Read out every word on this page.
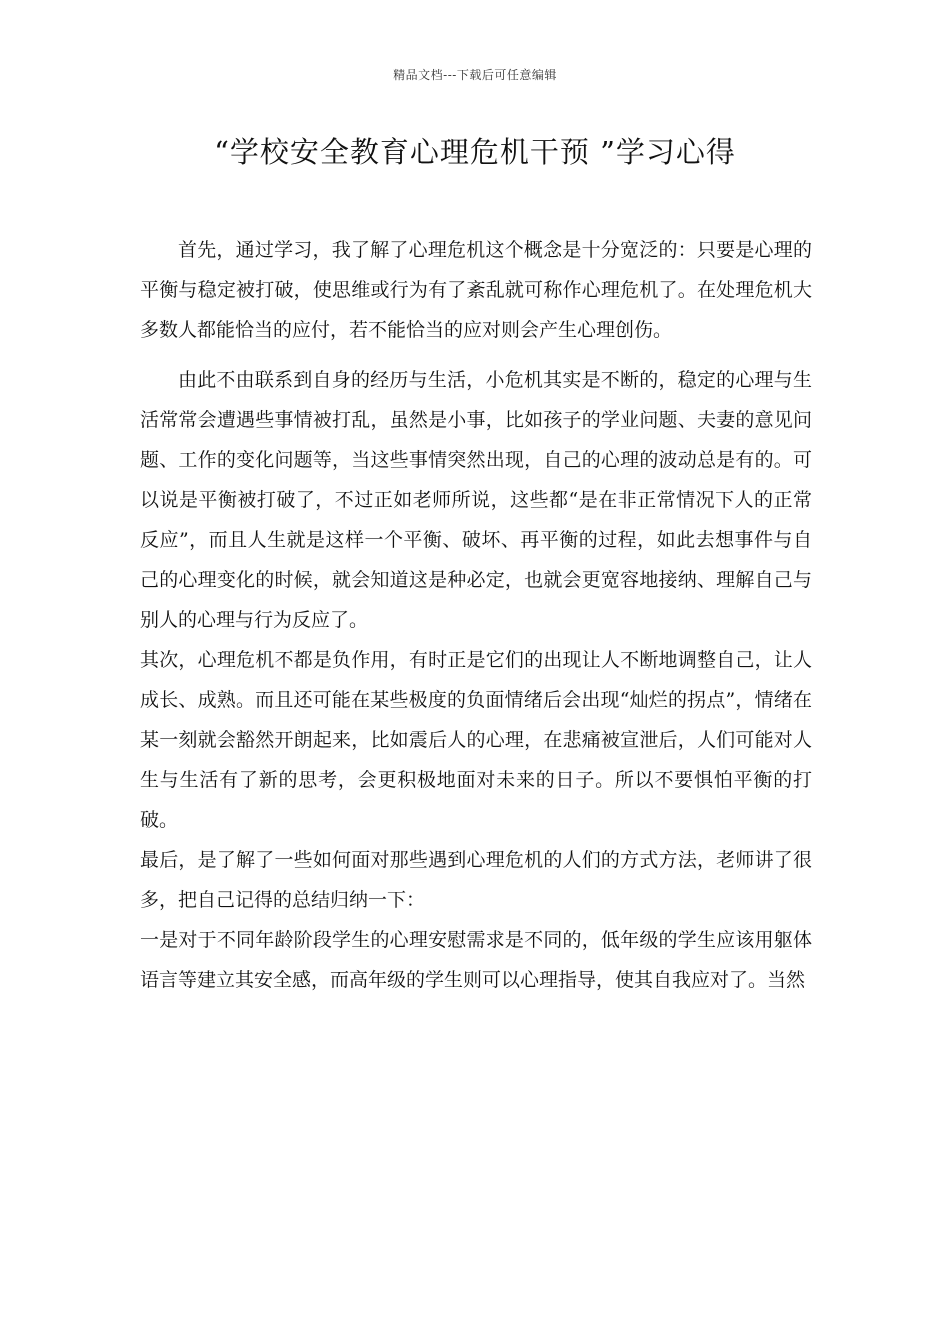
精品文档---下载后可任意编辑
“学校安全教育心理危机干预 ”学习心得

首先，通过学习，我了解了心理危机这个概念是十分宽泛的：只要是心理的平衡与稳定被打破，使思维或行为有了紊乱就可称作心理危机了。在处理危机大多数人都能恰当的应付，若不能恰当的应对则会产生心理创伤。

由此不由联系到自身的经历与生活，小危机其实是不断的，稳定的心理与生活常常会遭遇些事情被打乱，虽然是小事，比如孩子的学业问题、夫妻的意见问题、工作的变化问题等，当这些事情突然出现，自己的心理的波动总是有的。可以说是平衡被打破了，不过正如老师所说，这些都“是在非正常情况下人的正常反应”，而且人生就是这样一个平衡、破坏、再平衡的过程，如此去想事件与自己的心理变化的时候，就会知道这是种必定，也就会更宽容地接纳、理解自己与别人的心理与行为反应了。

其次，心理危机不都是负作用，有时正是它们的出现让人不断地调整自己，让人成长、成熟。而且还可能在某些极度的负面情绪后会出现“灿烂的拐点”，情绪在某一刻就会豁然开朗起来，比如震后人的心理，在悲痛被宣泄后，人们可能对人生与生活有了新的思考，会更积极地面对未来的日子。所以不要惧怕平衡的打破。

最后，是了解了一些如何面对那些遇到心理危机的人们的方式方法，老师讲了很多，把自己记得的总结归纳一下：

一是对于不同年龄阶段学生的心理安慰需求是不同的，低年级的学生应该用躯体语言等建立其安全感，而高年级的学生则可以心理指导，使其自我应对了。当然
